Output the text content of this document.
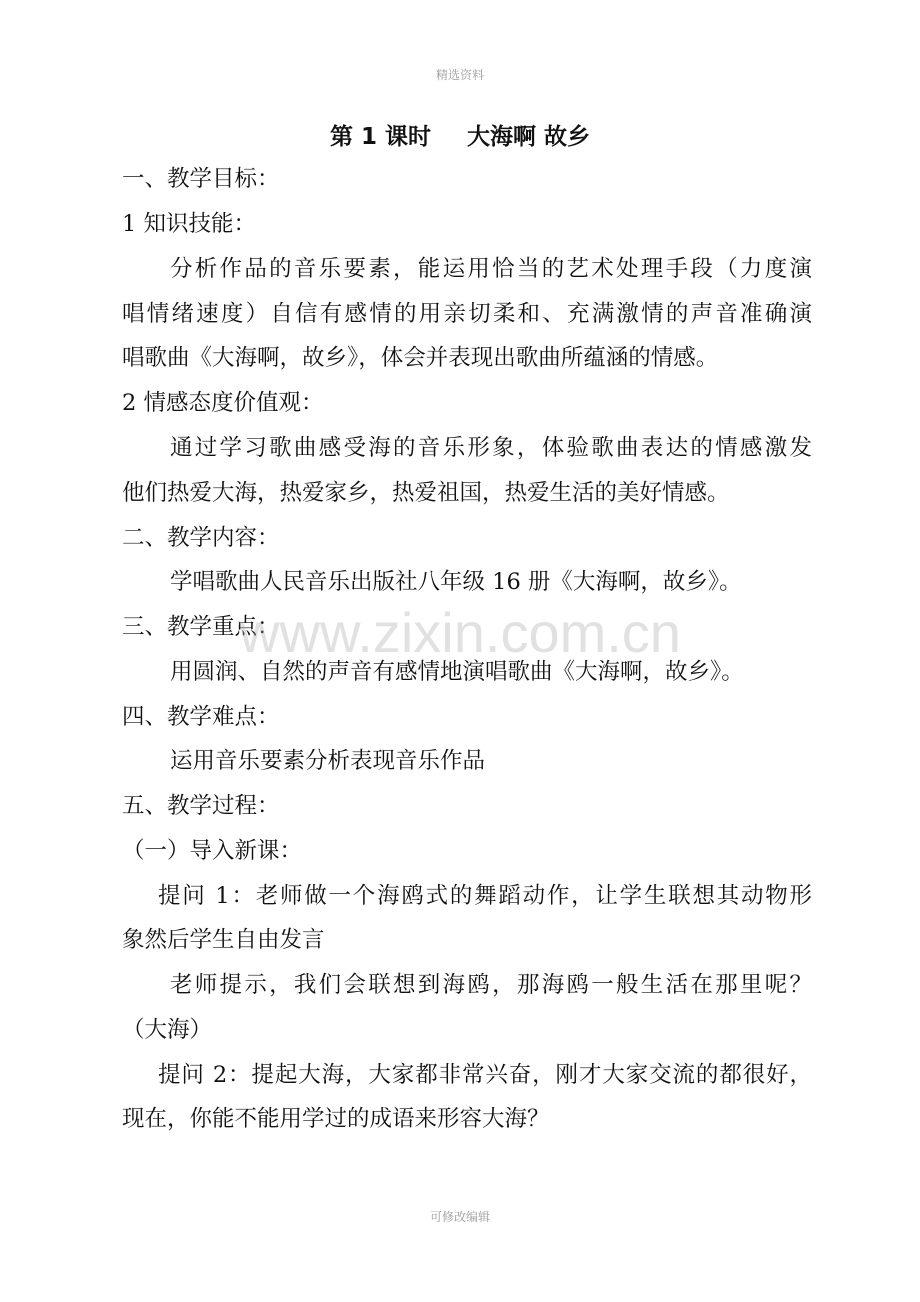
精选资料
第 1 课时 大海啊 故乡
一、教学目标：
1 知识技能：
分析作品的音乐要素，能运用恰当的艺术处理手段（力度演
唱情绪速度）自信有感情的用亲切柔和、充满激情的声音准确演
唱歌曲《大海啊，故乡》，体会并表现出歌曲所蕴涵的情感。
2 情感态度价值观：
通过学习歌曲感受海的音乐形象，体验歌曲表达的情感激发
他们热爱大海，热爱家乡，热爱祖国，热爱生活的美好情感。
二、教学内容：
学唱歌曲人民音乐出版社八年级 16 册《大海啊，故乡》。
三、教学重点：
用圆润、自然的声音有感情地演唱歌曲《大海啊，故乡》。
四、教学难点：
运用音乐要素分析表现音乐作品
五、教学过程：
（一）导入新课：
提问 1：老师做一个海鸥式的舞蹈动作，让学生联想其动物形
象然后学生自由发言
老师提示，我们会联想到海鸥，那海鸥一般生活在那里呢？
（大海）
提问 2：提起大海，大家都非常兴奋，刚才大家交流的都很好，
现在，你能不能用学过的成语来形容大海？
www.zixin.com.cn
可修改编辑
